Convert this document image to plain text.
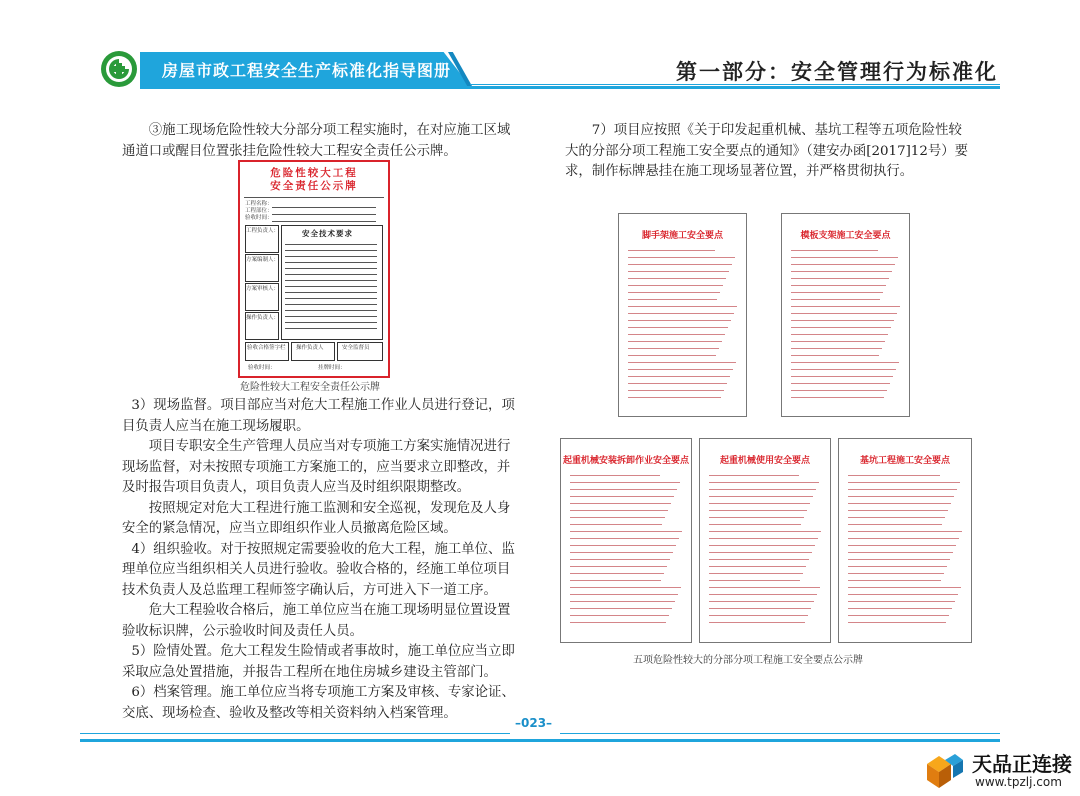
房屋市政工程安全生产标准化指导图册	第一部分：安全管理行为标准化

③施工现场危险性较大分部分项工程实施时，在对应施工区域通道口或醒目位置张挂危险性较大工程安全责任公示牌。

危险性较大工程
安全责任公示牌
工程名称：
工程部位：
验收时间：
工程负责人：
方案编制人：
方案审核人：
操作负责人：
安全技术要求
验收合格签字栏 操作负责人	安全监督员
验收时间：	挂牌时间：
危险性较大工程安全责任公示牌

3）现场监督。项目部应当对危大工程施工作业人员进行登记，项目负责人应当在施工现场履职。

项目专职安全生产管理人员应当对专项施工方案实施情况进行现场监督，对未按照专项施工方案施工的，应当要求立即整改，并及时报告项目负责人，项目负责人应当及时组织限期整改。

按照规定对危大工程进行施工监测和安全巡视，发现危及人身安全的紧急情况，应当立即组织作业人员撤离危险区域。

4）组织验收。对于按照规定需要验收的危大工程，施工单位、监理单位应当组织相关人员进行验收。验收合格的，经施工单位项目技术负责人及总监理工程师签字确认后，方可进入下一道工序。

危大工程验收合格后，施工单位应当在施工现场明显位置设置验收标识牌，公示验收时间及责任人员。

5）险情处置。危大工程发生险情或者事故时，施工单位应当立即采取应急处置措施，并报告工程所在地住房城乡建设主管部门。

6）档案管理。施工单位应当将专项施工方案及审核、专家论证、交底、现场检查、验收及整改等相关资料纳入档案管理。

7）项目应按照《关于印发起重机械、基坑工程等五项危险性较大的分部分项工程施工安全要点的通知》（建安办函[2017]12号）要求，制作标牌悬挂在施工现场显著位置，并严格贯彻执行。

脚手架施工安全要点	模板支架施工安全要点
起重机械安装拆卸作业安全要点	起重机械使用安全要点	基坑工程施工安全要点
五项危险性较大的分部分项工程施工安全要点公示牌
–023–
天品正连接
www.tpzlj.com
